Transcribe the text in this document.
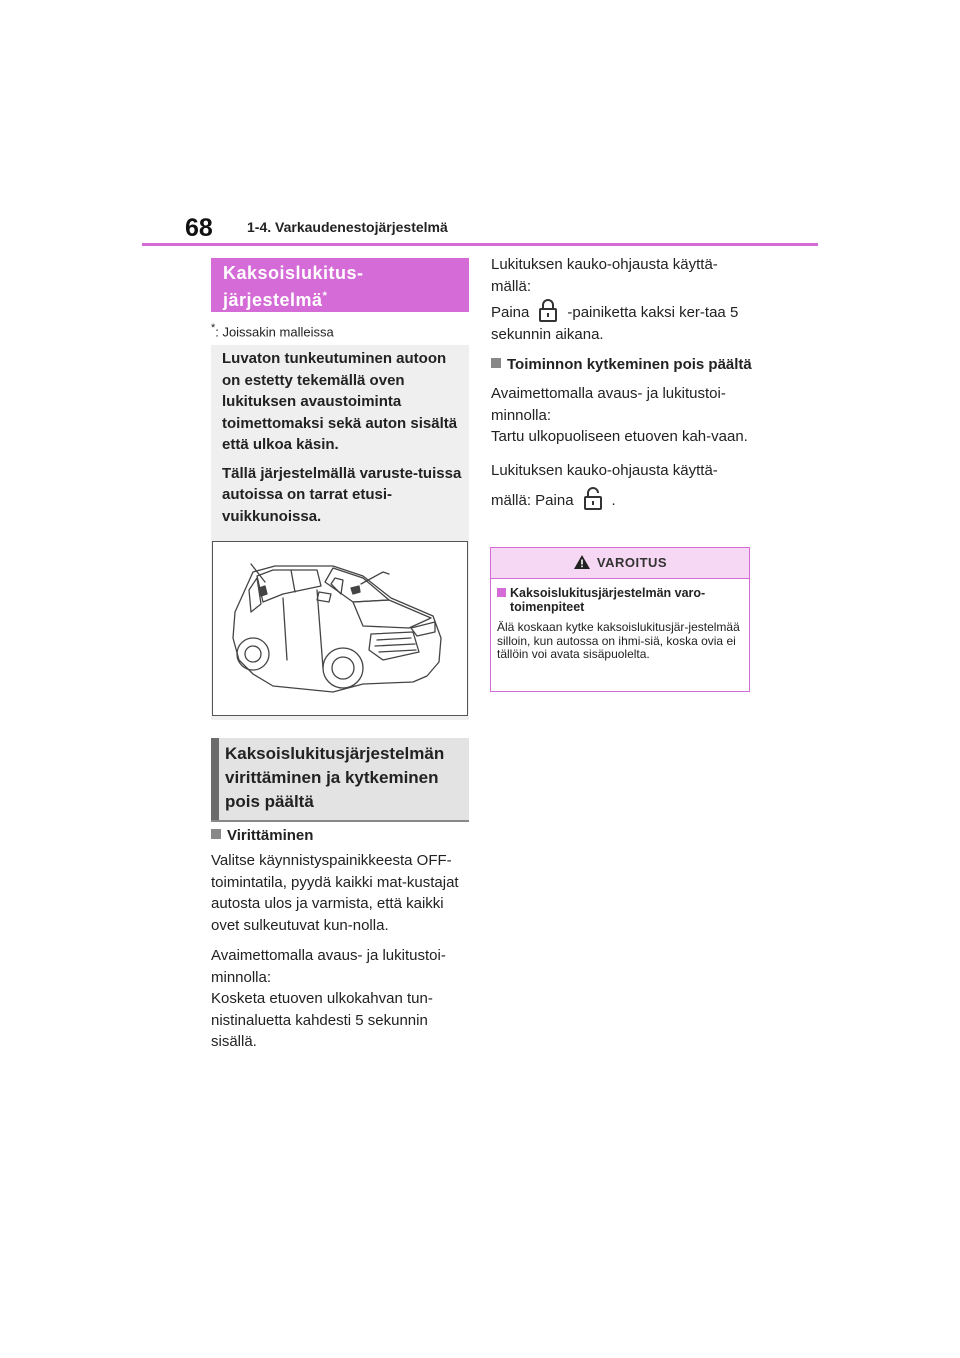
68 1-4. Varkaudenestojärjestelmä
Kaksoislukitus-
järjestelmä*
*: Joissakin malleissa

Luvaton tunkeutuminen autoon on estetty tekemällä oven lukituksen avaustoiminta toimettomaksi sekä auton sisältä että ulkoa käsin.

Tällä järjestelmällä varuste-tuissa autoissa on tarrat etusi-vuikkunoissa.

Kaksoislukitusjärjestelmän virittäminen ja kytkeminen pois päältä
Virittäminen

Valitse käynnistyspainikkeesta OFF-toimintatila, pyydä kaikki mat-kustajat autosta ulos ja varmista, että kaikki ovet sulkeutuvat kun-nolla.

Avaimettomalla avaus- ja lukitustoi-minnolla:
Kosketa etuoven ulkokahvan tun-nistinaluetta kahdesti 5 sekunnin sisällä.

Lukituksen kauko-ohjausta käyttä-mällä:
Paina	-painiketta kaksi ker-taa 5 sekunnin aikana.

Toiminnon kytkeminen pois päältä

Avaimettomalla avaus- ja lukitustoi-minnolla:
Tartu ulkopuoliseen etuoven kah-vaan.

Lukituksen kauko-ohjausta käyttä-mällä: Paina	.

VAROITUS
Kaksoislukitusjärjestelmän varo-toimenpiteet
Älä koskaan kytke kaksoislukitusjär-jestelmää silloin, kun autossa on ihmi-siä, koska ovia ei tällöin voi avata sisäpuolelta.
